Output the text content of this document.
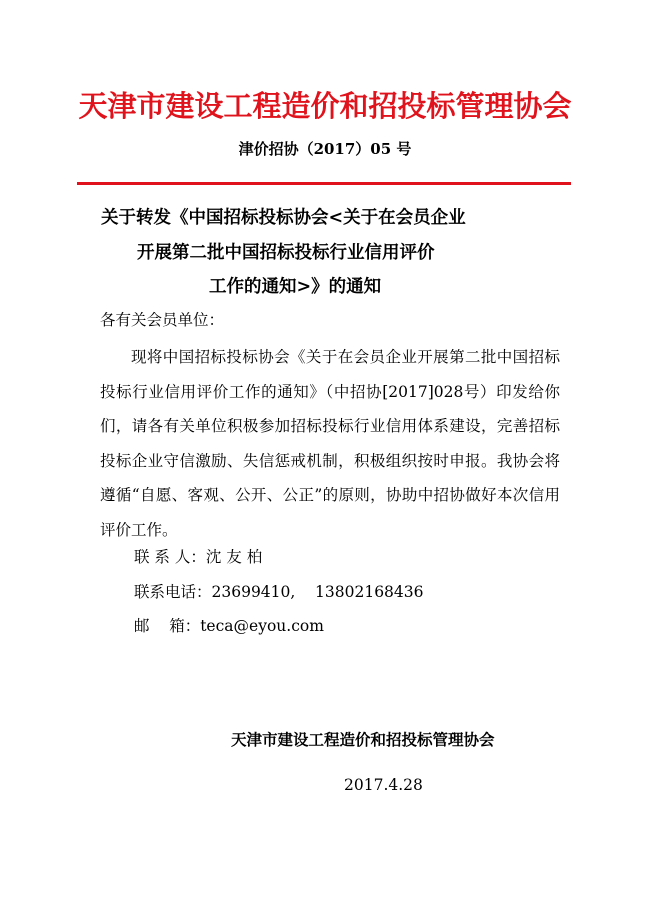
天津市建设工程造价和招投标管理协会
津价招协（2017）05 号
关于转发《中国招标投标协会<关于在会员企业
开展第二批中国招标投标行业信用评价
工作的通知>》的通知
各有关会员单位：
现将中国招标投标协会《关于在会员企业开展第二批中国招标投标行业信用评价工作的通知》（中招协[2017]028号）印发给你们，请各有关单位积极参加招标投标行业信用体系建设，完善招标投标企业守信激励、失信惩戒机制，积极组织按时申报。我协会将遵循“自愿、客观、公开、公正”的原则，协助中招协做好本次信用评价工作。
联 系 人：沈 友 柏
联系电话：23699410,    13802168436
邮    箱：teca@eyou.com
天津市建设工程造价和招投标管理协会
2017.4.28
